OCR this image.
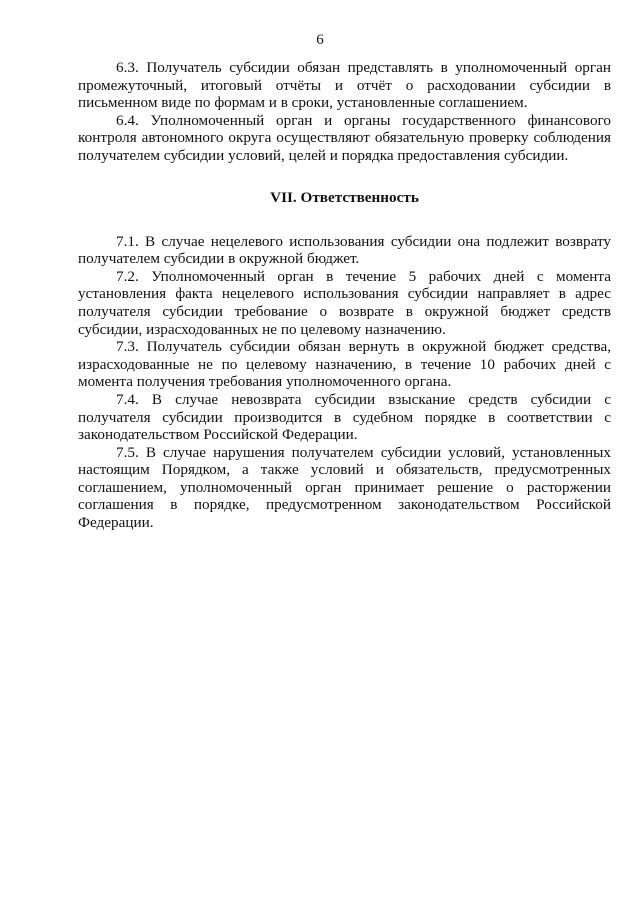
6

6.3. Получатель субсидии обязан представлять в уполномоченный орган промежуточный, итоговый отчёты и отчёт о расходовании субсидии в письменном виде по формам и в сроки, установленные соглашением.

6.4. Уполномоченный орган и органы государственного финансового контроля автономного округа осуществляют обязательную проверку соблюдения получателем субсидии условий, целей и порядка предоставления субсидии.

VII. Ответственность

7.1. В случае нецелевого использования субсидии она подлежит возврату получателем субсидии в окружной бюджет.

7.2. Уполномоченный орган в течение 5 рабочих дней с момента установления факта нецелевого использования субсидии направляет в адрес получателя субсидии требование о возврате в окружной бюджет средств субсидии, израсходованных не по целевому назначению.

7.3. Получатель субсидии обязан вернуть в окружной бюджет средства, израсходованные не по целевому назначению, в течение 10 рабочих дней с момента получения требования уполномоченного органа.

7.4. В случае невозврата субсидии взыскание средств субсидии с получателя субсидии производится в судебном порядке в соответствии с законодательством Российской Федерации.

7.5. В случае нарушения получателем субсидии условий, установленных настоящим Порядком, а также условий и обязательств, предусмотренных соглашением, уполномоченный орган принимает решение о расторжении соглашения в порядке, предусмотренном законодательством Российской Федерации.
